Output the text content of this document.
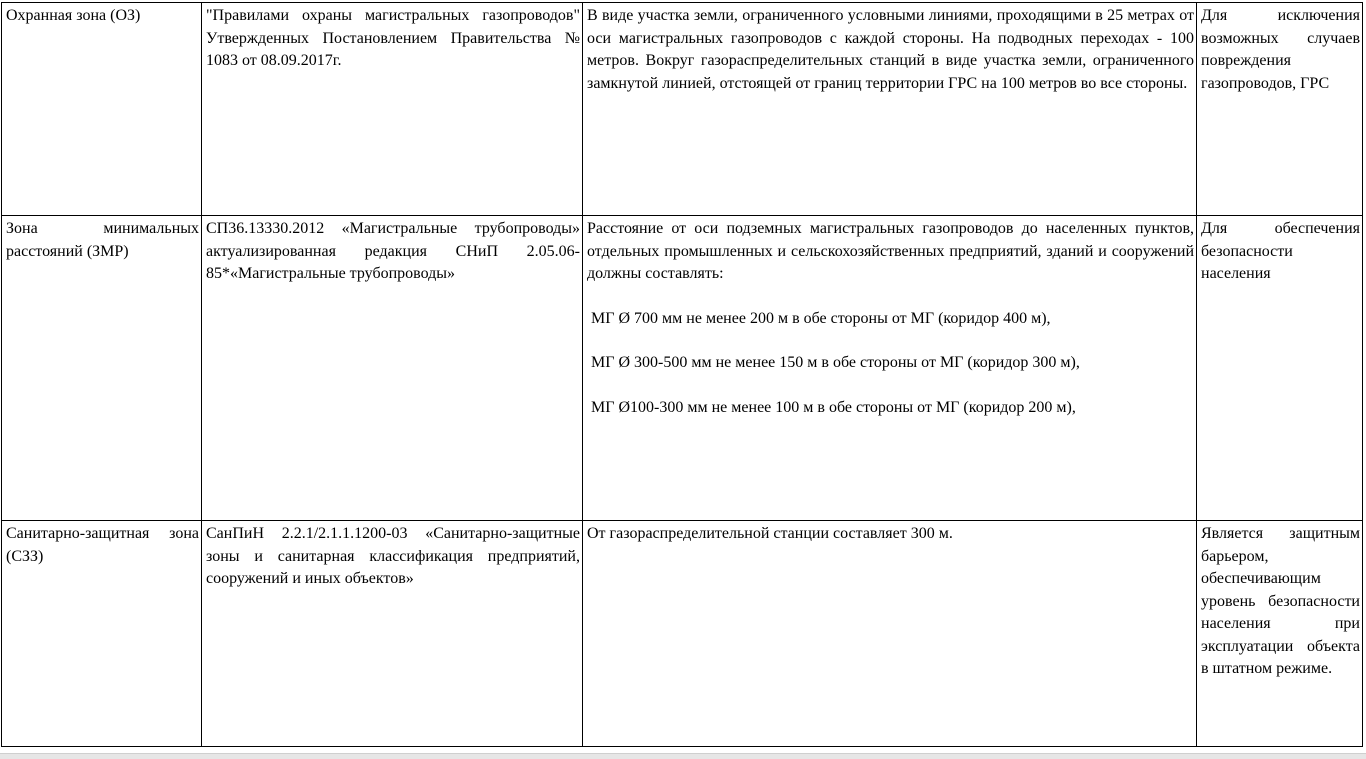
Охранная зона (ОЗ)	"Правилами охраны магистральных газопроводов" Утвержденных Постановлением Правительства № 1083 от 08.09.2017г.	В виде участка земли, ограниченного условными линиями, проходящими в 25 метрах от оси магистральных газопроводов с каждой стороны. На подводных переходах - 100 метров. Вокруг газораспределительных станций в виде участка земли, ограниченного замкнутой линией, отстоящей от границ территории ГРС на 100 метров во все стороны.	Для исключения возможных случаев повреждения газопроводов, ГРС
Зона минимальных расстояний (ЗМР)	СП36.13330.2012 «Магистральные трубопроводы» актуализированная редакция СНиП 2.05.06-85*«Магистральные трубопроводы»	Расстояние от оси подземных магистральных газопроводов до населенных пунктов, отдельных промышленных и сельскохозяйственных предприятий, зданий и сооружений должны составлять:
МГ Ø 700 мм не менее 200 м в обе стороны от МГ (коридор 400 м),
МГ Ø 300-500 мм не менее 150 м в обе стороны от МГ (коридор 300 м),
МГ Ø100-300 мм не менее 100 м в обе стороны от МГ (коридор 200 м),	Для обеспечения безопасности населения
Санитарно-защитная зона (СЗЗ)	СанПиН 2.2.1/2.1.1.1200-03 «Санитарно-защитные зоны и санитарная классификация предприятий, сооружений и иных объектов»	От газораспределительной станции составляет 300 м.	Является защитным барьером, обеспечивающим уровень безопасности населения при эксплуатации объекта в штатном режиме.
